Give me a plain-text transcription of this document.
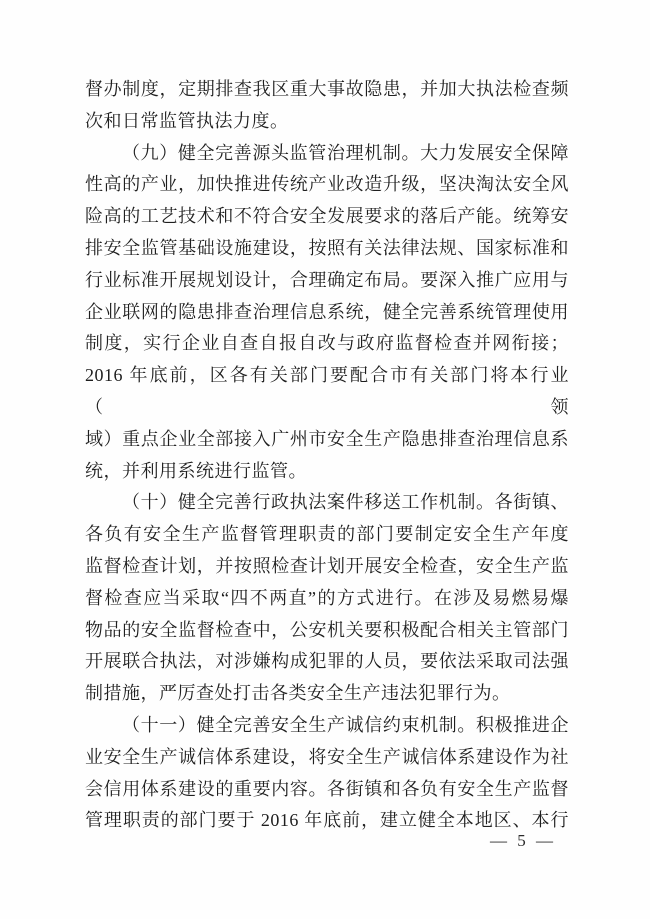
督办制度，定期排查我区重大事故隐患，并加大执法检查频
次和日常监管执法力度。
（九）健全完善源头监管治理机制。大力发展安全保障
性高的产业，加快推进传统产业改造升级，坚决淘汰安全风
险高的工艺技术和不符合安全发展要求的落后产能。统筹安
排安全监管基础设施建设，按照有关法律法规、国家标准和
行业标准开展规划设计，合理确定布局。要深入推广应用与
企业联网的隐患排查治理信息系统，健全完善系统管理使用
制度，实行企业自查自报自改与政府监督检查并网衔接；
2016 年底前，区各有关部门要配合市有关部门将本行业（领
域）重点企业全部接入广州市安全生产隐患排查治理信息系
统，并利用系统进行监管。
（十）健全完善行政执法案件移送工作机制。各街镇、
各负有安全生产监督管理职责的部门要制定安全生产年度
监督检查计划，并按照检查计划开展安全检查，安全生产监
督检查应当采取“四不两直”的方式进行。在涉及易燃易爆
物品的安全监督检查中，公安机关要积极配合相关主管部门
开展联合执法，对涉嫌构成犯罪的人员，要依法采取司法强
制措施，严厉查处打击各类安全生产违法犯罪行为。
（十一）健全完善安全生产诚信约束机制。积极推进企
业安全生产诚信体系建设，将安全生产诚信体系建设作为社
会信用体系建设的重要内容。各街镇和各负有安全生产监督
管理职责的部门要于 2016 年底前，建立健全本地区、本行
— 5 —
